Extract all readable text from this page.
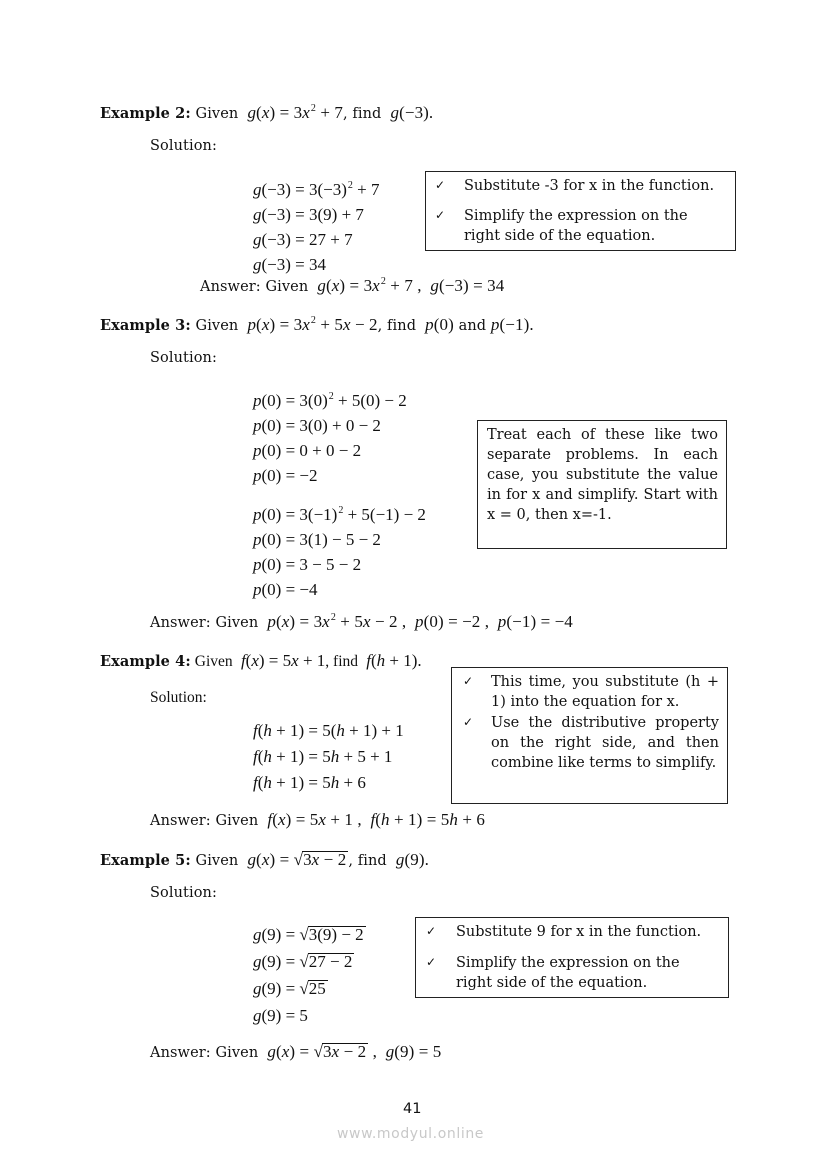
Example 2: Given $g(x) = 3x^2 + 7$, find g(−3).
Solution:
$g(-3) = 3(-3)^2 + 7$
g(−3) = 3(9) + 7
g(−3) = 27 + 7
g(−3) = 34
✓ Substitute -3 for x in the function.
✓ Simplify the expression on the right side of the equation.
Answer: Given $g(x) = 3x^2 + 7$ ,  g(−3) = 34
Example 3: Given $p(x) = 3x^2 + 5x - 2$, find p(0) and p(−1).
Solution:
$p(0) = 3(0)^2 + 5(0) - 2$
p(0) = 3(0) + 0 − 2
p(0) = 0 + 0 − 2
p(0) = −2
$p(0) = 3(-1)^2 + 5(-1) - 2$
p(0) = 3(1) − 5 − 2
p(0) = 3 − 5 − 2
p(0) = −4
Treat each of these like two separate problems. In each case, you substitute the value in for x and simplify. Start with x = 0, then x=-1.
Answer: Given $p(x) = 3x^2 + 5x - 2$ ,  p(0) = −2 ,  p(−1) = −4
Example 4: Given f(x) = 5x + 1, find f(h + 1).
Solution:
f(h + 1) = 5(h + 1) + 1
f(h + 1) = 5h + 5 + 1
f(h + 1) = 5h + 6
✓ This time, you substitute (h + 1) into the equation for x.
✓ Use the distributive property on the right side, and then combine like terms to simplify.
Answer: Given f(x) = 5x + 1 ,  f(h + 1) = 5h + 6
Example 5: Given g(x) = √3x − 2 , find g(9).
Solution:
g(9) = √3(9) − 2
g(9) = √27 − 2
g(9) = √25
g(9) = 5
✓ Substitute 9 for x in the function.
✓ Simplify the expression on the right side of the equation.
Answer: Given g(x) = √3x − 2 ,  g(9) = 5
41
www.modyul.online
